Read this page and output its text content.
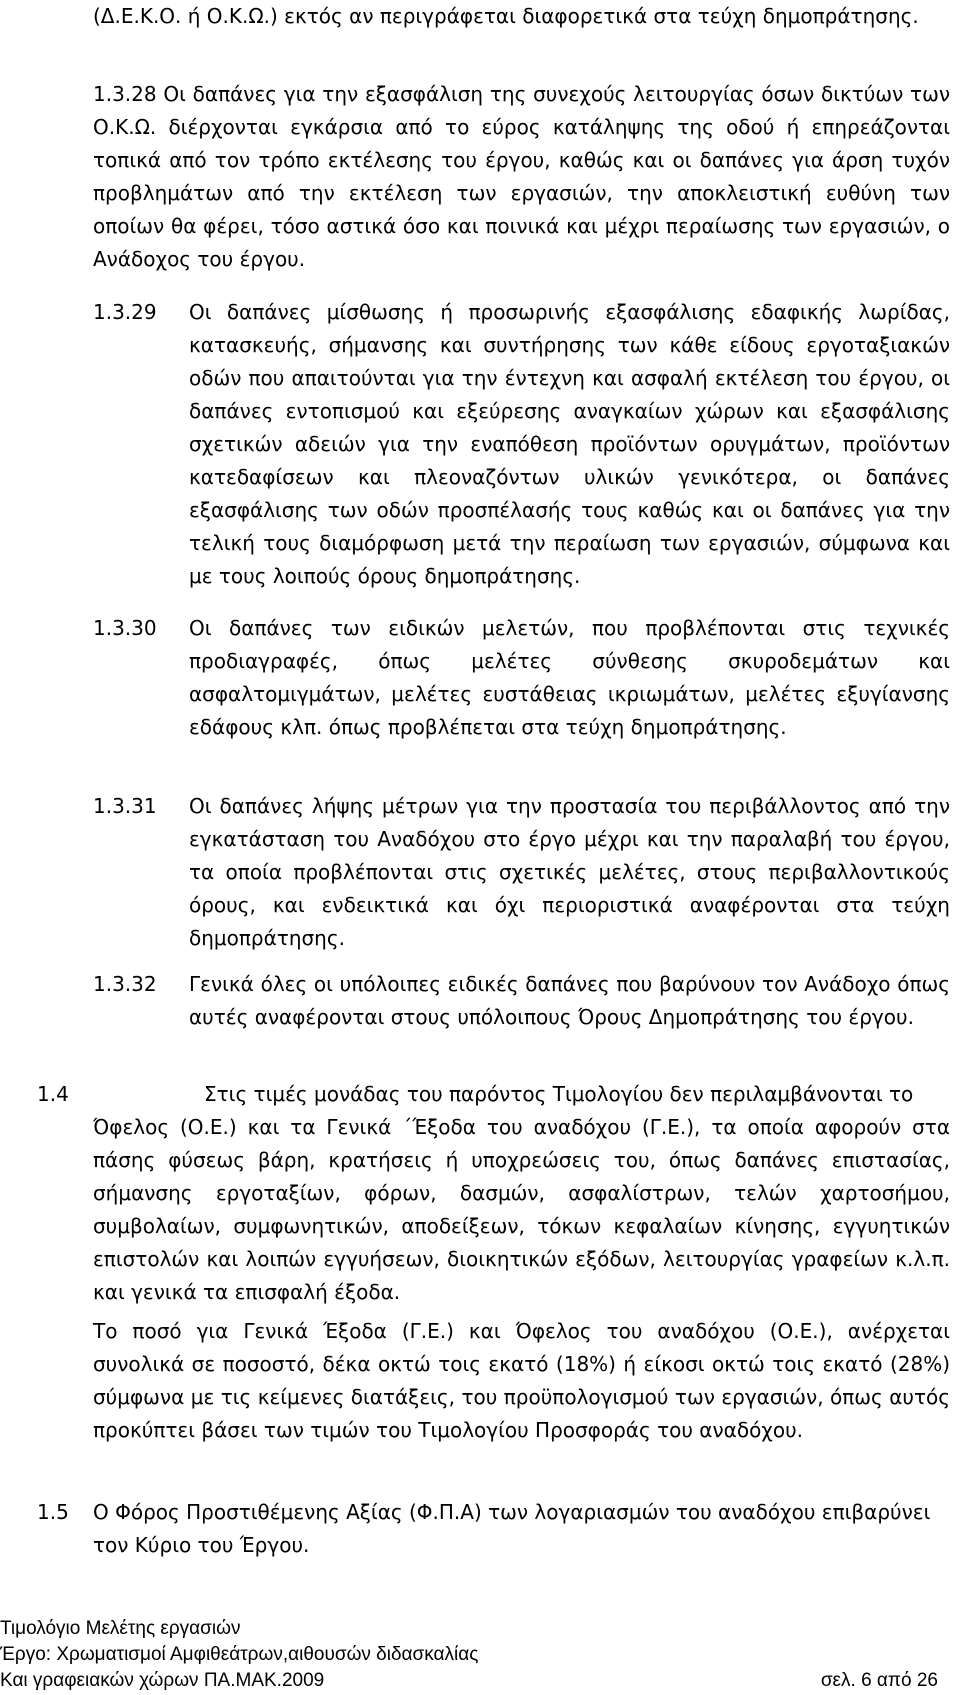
(Δ.Ε.Κ.Ο. ή Ο.Κ.Ω.) εκτός αν περιγράφεται διαφορετικά στα τεύχη δημοπράτησης.

1.3.28 Οι δαπάνες για την εξασφάλιση της συνεχούς λειτουργίας όσων δικτύων των Ο.Κ.Ω. διέρχονται εγκάρσια από το εύρος κατάληψης της οδού ή επηρεάζονται τοπικά από τον τρόπο εκτέλεσης του έργου, καθώς και οι δαπάνες για άρση τυχόν προβλημάτων από την εκτέλεση των εργασιών, την αποκλειστική ευθύνη των οποίων θα φέρει, τόσο αστικά όσο και ποινικά και μέχρι περαίωσης των εργασιών, ο Ανάδοχος του έργου.

1.3.29 Οι δαπάνες μίσθωσης ή προσωρινής εξασφάλισης εδαφικής λωρίδας, κατασκευής, σήμανσης και συντήρησης των κάθε είδους εργοταξιακών οδών που απαιτούνται για την έντεχνη και ασφαλή εκτέλεση του έργου, οι δαπάνες εντοπισμού και εξεύρεσης αναγκαίων χώρων και εξασφάλισης σχετικών αδειών για την εναπόθεση προϊόντων ορυγμάτων, προϊόντων κατεδαφίσεων και πλεοναζόντων υλικών γενικότερα, οι δαπάνες εξασφάλισης των οδών προσπέλασής τους καθώς και οι δαπάνες για την τελική τους διαμόρφωση μετά την περαίωση των εργασιών, σύμφωνα και με τους λοιπούς όρους δημοπράτησης.

1.3.30 Οι δαπάνες των ειδικών μελετών, που προβλέπονται στις τεχνικές προδιαγραφές, όπως μελέτες σύνθεσης σκυροδεμάτων και ασφαλτομιγμάτων, μελέτες ευστάθειας ικριωμάτων, μελέτες εξυγίανσης εδάφους κλπ. όπως προβλέπεται στα τεύχη δημοπράτησης.

1.3.31 Οι δαπάνες λήψης μέτρων για την προστασία του περιβάλλοντος από την εγκατάσταση του Αναδόχου στο έργο μέχρι και την παραλαβή του έργου, τα οποία προβλέπονται στις σχετικές μελέτες, στους περιβαλλοντικούς όρους, και ενδεικτικά και όχι περιοριστικά αναφέρονται στα τεύχη δημοπράτησης.

1.3.32 Γενικά όλες οι υπόλοιπες ειδικές δαπάνες που βαρύνουν τον Ανάδοχο όπως αυτές αναφέρονται στους υπόλοιπους Όρους Δημοπράτησης του έργου.

1.4	Στις τιμές μονάδας του παρόντος Τιμολογίου δεν περιλαμβάνονται το

Όφελος (Ο.Ε.) και τα Γενικά ΄Έξοδα του αναδόχου (Γ.Ε.), τα οποία αφορούν στα πάσης φύσεως βάρη, κρατήσεις ή υποχρεώσεις του, όπως δαπάνες επιστασίας, σήμανσης εργοταξίων, φόρων, δασμών, ασφαλίστρων, τελών χαρτοσήμου, συμβολαίων, συμφωνητικών, αποδείξεων, τόκων κεφαλαίων κίνησης, εγγυητικών επιστολών και λοιπών εγγυήσεων, διοικητικών εξόδων, λειτουργίας γραφείων κ.λ.π. και γενικά τα επισφαλή έξοδα.

Το ποσό για Γενικά Έξοδα (Γ.Ε.) και Όφελος του αναδόχου (Ο.Ε.), ανέρχεται συνολικά σε ποσοστό, δέκα οκτώ τοις εκατό (18%) ή είκοσι οκτώ τοις εκατό (28%) σύμφωνα με τις κείμενες διατάξεις, του προϋπολογισμού των εργασιών, όπως αυτός προκύπτει βάσει των τιμών του Τιμολογίου Προσφοράς του αναδόχου.

1.5 Ο Φόρος Προστιθέμενης Αξίας (Φ.Π.Α) των λογαριασμών του αναδόχου επιβαρύνει τον Κύριο του Έργου.

Τιμολόγιο Μελέτης εργασιών
Έργο: Χρωματισμοί Αμφιθεάτρων,αιθουσών διδασκαλίας
Και γραφειακών χώρων ΠΑ.ΜΑΚ.2009	σελ. 6 από 26
